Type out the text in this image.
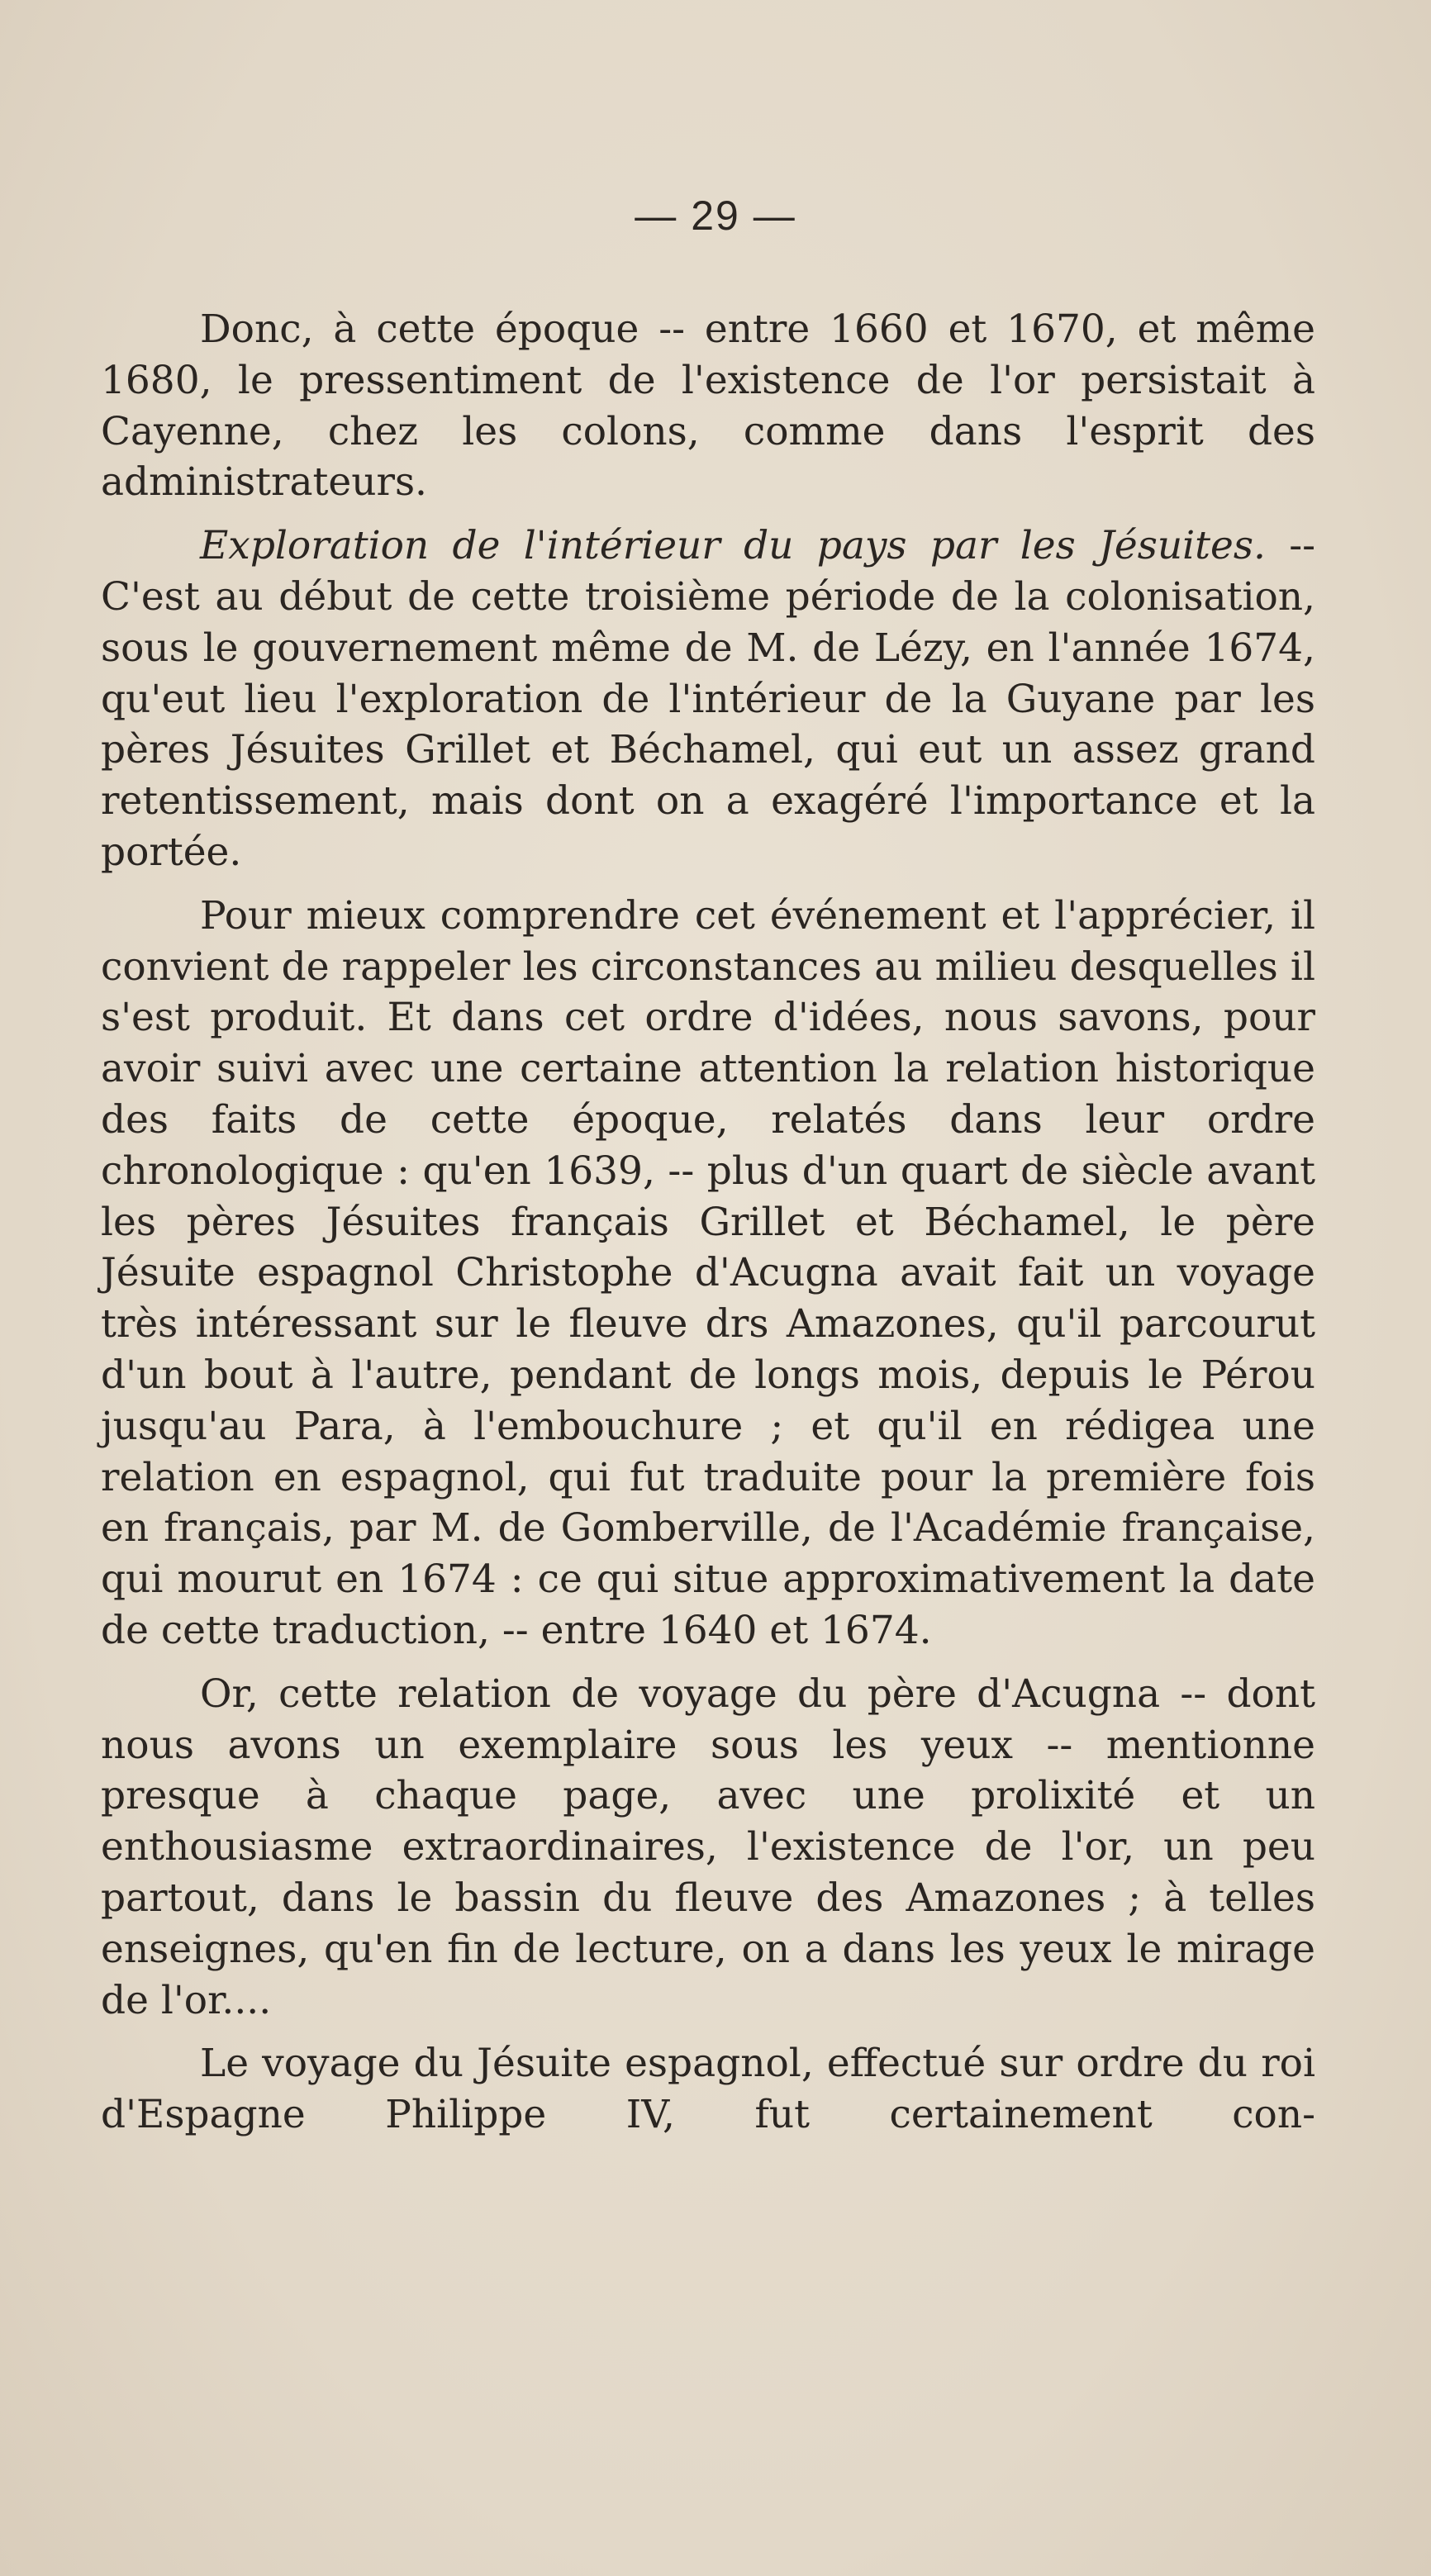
— 29 —

Donc, à cette époque -- entre 1660 et 1670, et même 1680, le pressentiment de l'existence de l'or persistait à Cayenne, chez les colons, comme dans l'esprit des administrateurs.

Exploration de l'intérieur du pays par les Jésuites. -- C'est au début de cette troisième période de la colonisation, sous le gouvernement même de M. de Lézy, en l'année 1674, qu'eut lieu l'exploration de l'intérieur de la Guyane par les pères Jésuites Grillet et Béchamel, qui eut un assez grand retentissement, mais dont on a exagéré l'importance et la portée.

Pour mieux comprendre cet événement et l'apprécier, il convient de rappeler les circonstances au milieu desquelles il s'est produit. Et dans cet ordre d'idées, nous savons, pour avoir suivi avec une certaine attention la relation historique des faits de cette époque, relatés dans leur ordre chronologique : qu'en 1639, -- plus d'un quart de siècle avant les pères Jésuites français Grillet et Béchamel, le père Jésuite espagnol Christophe d'Acugna avait fait un voyage très intéressant sur le fleuve drs Amazones, qu'il parcourut d'un bout à l'autre, pendant de longs mois, depuis le Pérou jusqu'au Para, à l'embouchure ; et qu'il en rédigea une relation en espagnol, qui fut traduite pour la première fois en français, par M. de Gomberville, de l'Académie française, qui mourut en 1674 : ce qui situe approximativement la date de cette traduction, -- entre 1640 et 1674.

Or, cette relation de voyage du père d'Acugna -- dont nous avons un exemplaire sous les yeux -- mentionne presque à chaque page, avec une prolixité et un enthousiasme extraordinaires, l'existence de l'or, un peu partout, dans le bassin du fleuve des Amazones ; à telles enseignes, qu'en fin de lecture, on a dans les yeux le mirage de l'or....

Le voyage du Jésuite espagnol, effectué sur ordre du roi d'Espagne Philippe IV, fut certainement con-
